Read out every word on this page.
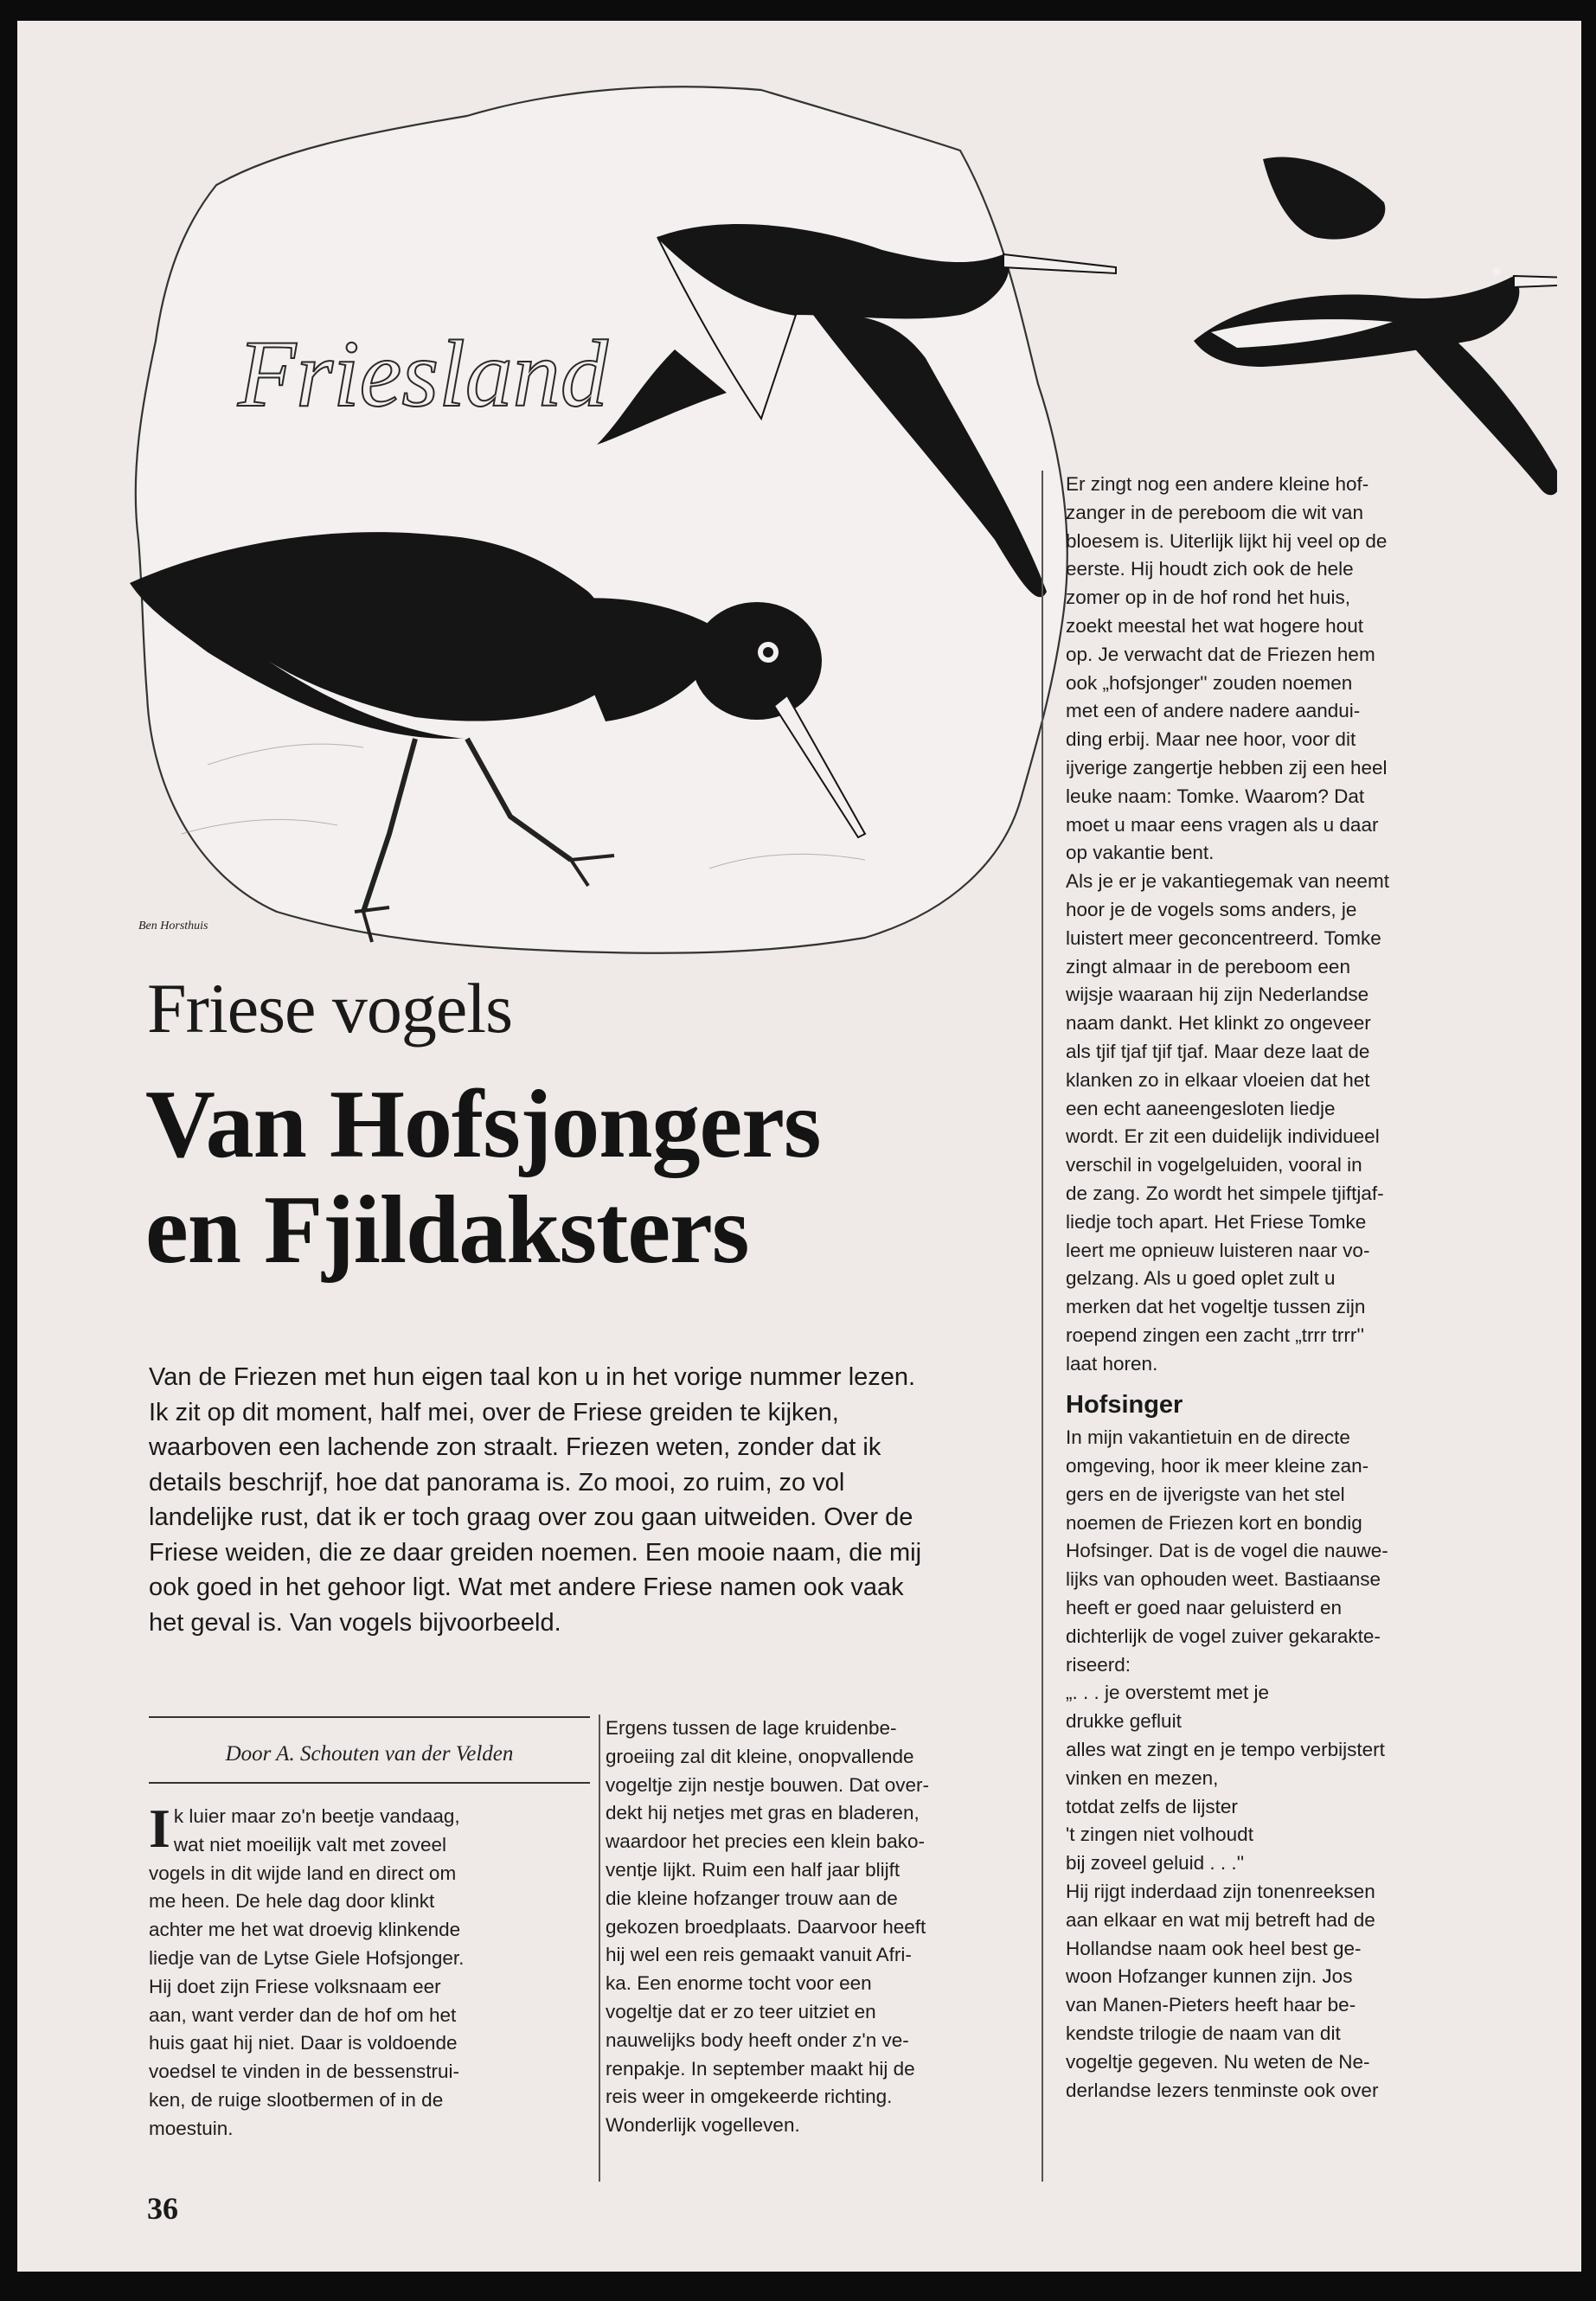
Friesland
Ben Horsthuis
Friese vogels
Van Hofsjongers
en Fjildaksters

Van de Friezen met hun eigen taal kon u in het vorige nummer lezen. Ik zit op dit moment, half mei, over de Friese greiden te kijken, waarboven een lachende zon straalt. Friezen weten, zonder dat ik details beschrijf, hoe dat panorama is. Zo mooi, zo ruim, zo vol landelijke rust, dat ik er toch graag over zou gaan uitweiden. Over de Friese weiden, die ze daar greiden noemen. Een mooie naam, die mij ook goed in het gehoor ligt. Wat met andere Friese namen ook vaak het geval is. Van vogels bijvoorbeeld.

Door A. Schouten van der Velden
I k luier maar zo'n beetje vandaag,
wat niet moeilijk valt met zoveel
vogels in dit wijde land en direct om
me heen. De hele dag door klinkt
achter me het wat droevig klinkende
liedje van de Lytse Giele Hofsjonger.
Hij doet zijn Friese volksnaam eer
aan, want verder dan de hof om het
huis gaat hij niet. Daar is voldoende
voedsel te vinden in de bessenstrui-
ken, de ruige slootbermen of in de
moestuin.

Ergens tussen de lage kruidenbe-
groeiing zal dit kleine, onopvallende
vogeltje zijn nestje bouwen. Dat over-
dekt hij netjes met gras en bladeren,
waardoor het precies een klein bako-
ventje lijkt. Ruim een half jaar blijft
die kleine hofzanger trouw aan de
gekozen broedplaats. Daarvoor heeft
hij wel een reis gemaakt vanuit Afri-
ka. Een enorme tocht voor een
vogeltje dat er zo teer uitziet en
nauwelijks body heeft onder z'n ve-
renpakje. In september maakt hij de
reis weer in omgekeerde richting.
Wonderlijk vogelleven.

Er zingt nog een andere kleine hof-
zanger in de pereboom die wit van
bloesem is. Uiterlijk lijkt hij veel op de
eerste. Hij houdt zich ook de hele
zomer op in de hof rond het huis,
zoekt meestal het wat hogere hout
op. Je verwacht dat de Friezen hem
ook „hofsjonger'' zouden noemen
met een of andere nadere aandui-
ding erbij. Maar nee hoor, voor dit
ijverige zangertje hebben zij een heel
leuke naam: Tomke. Waarom? Dat
moet u maar eens vragen als u daar
op vakantie bent.

Als je er je vakantiegemak van neemt
hoor je de vogels soms anders, je
luistert meer geconcentreerd. Tomke
zingt almaar in de pereboom een
wijsje waaraan hij zijn Nederlandse
naam dankt. Het klinkt zo ongeveer
als tjif tjaf tjif tjaf. Maar deze laat de
klanken zo in elkaar vloeien dat het
een echt aaneengesloten liedje
wordt. Er zit een duidelijk individueel
verschil in vogelgeluiden, vooral in
de zang. Zo wordt het simpele tjiftjaf-
liedje toch apart. Het Friese Tomke
leert me opnieuw luisteren naar vo-
gelzang. Als u goed oplet zult u
merken dat het vogeltje tussen zijn
roepend zingen een zacht „trrr trrr''
laat horen.

Hofsinger

In mijn vakantietuin en de directe
omgeving, hoor ik meer kleine zan-
gers en de ijverigste van het stel
noemen de Friezen kort en bondig
Hofsinger. Dat is de vogel die nauwe-
lijks van ophouden weet. Bastiaanse
heeft er goed naar geluisterd en
dichterlijk de vogel zuiver gekarakte-
riseerd:

„. . . je overstemt met je
drukke gefluit
alles wat zingt en je tempo verbijstert
vinken en mezen,
totdat zelfs de lijster
't zingen niet volhoudt
bij zoveel geluid . . .''

Hij rijgt inderdaad zijn tonenreeksen
aan elkaar en wat mij betreft had de
Hollandse naam ook heel best ge-
woon Hofzanger kunnen zijn. Jos
van Manen-Pieters heeft haar be-
kendste trilogie de naam van dit
vogeltje gegeven. Nu weten de Ne-
derlandse lezers tenminste ook over

36
